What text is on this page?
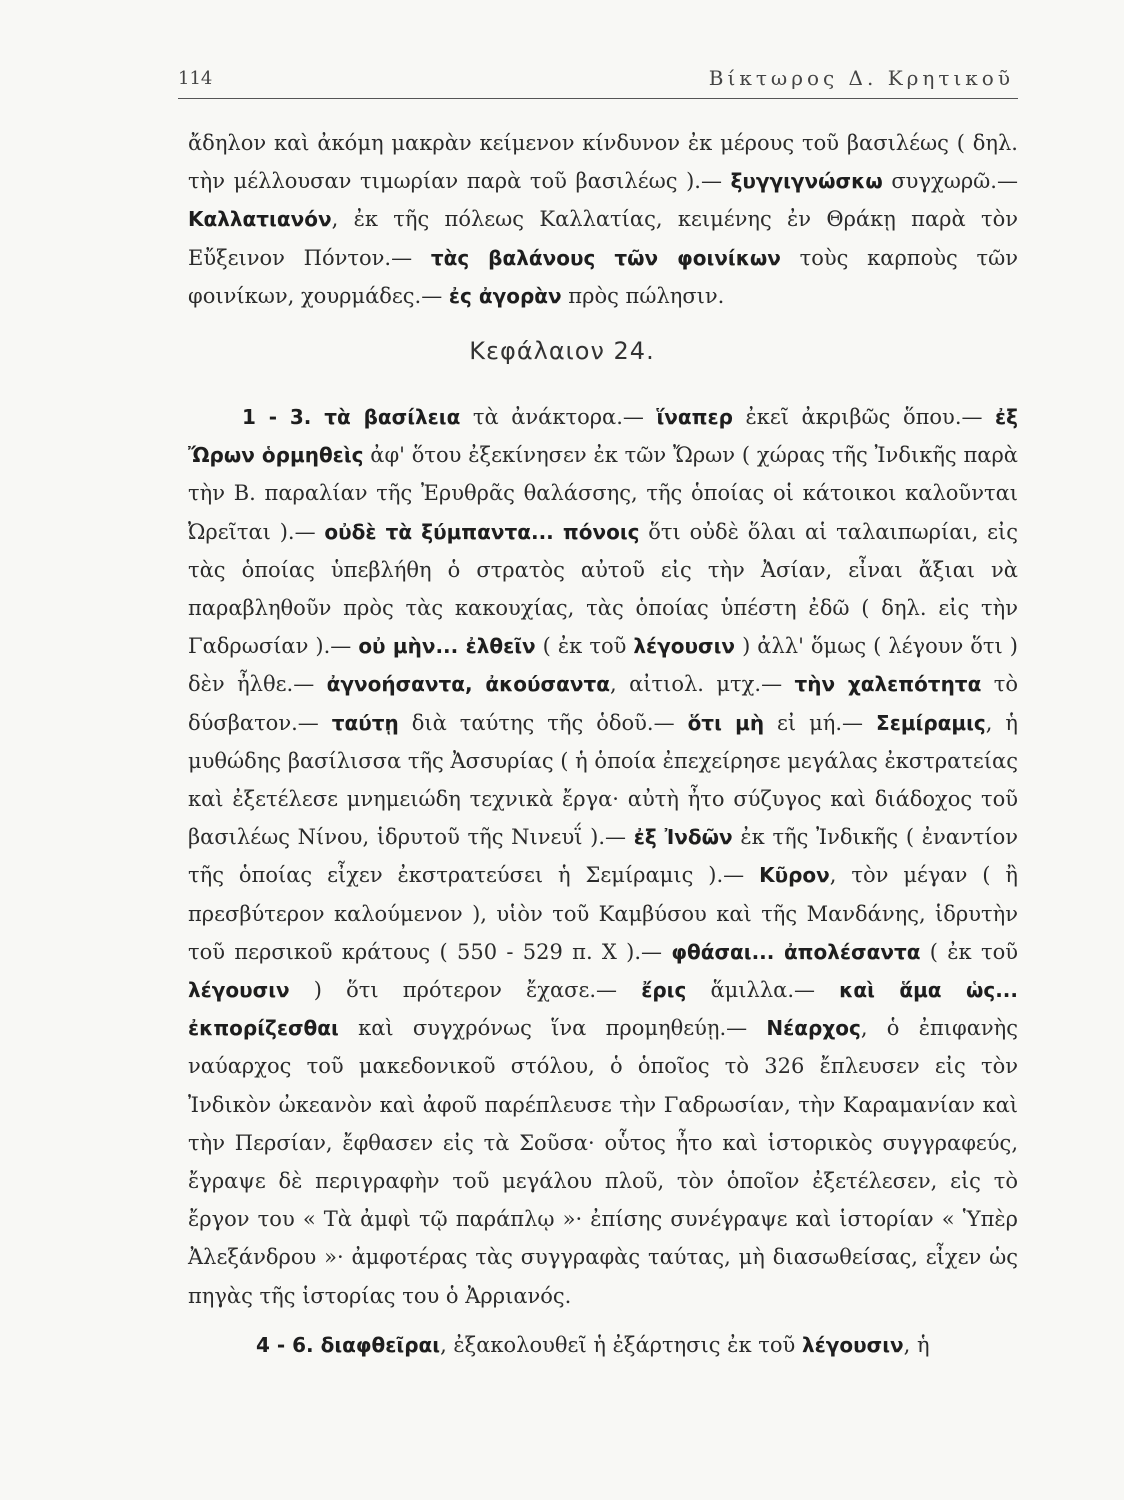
114	Βίκτωρος Δ. Κρητικοῦ

ἄδηλον καὶ ἀκόμη μακρὰν κείμενον κίνδυνον ἐκ μέρους τοῦ βασιλέως ( δηλ. τὴν μέλλουσαν τιμωρίαν παρὰ τοῦ βασιλέως ).— ξυγγιγνώσκω συγχωρῶ.— Καλλατιανόν, ἐκ τῆς πόλεως Καλλατίας, κειμένης ἐν Θράκῃ παρὰ τὸν Εὔξεινον Πόντον.— τὰς βαλάνους τῶν φοινίκων τοὺς καρποὺς τῶν φοινίκων, χουρμάδες.— ἐς ἀγορὰν πρὸς πώλησιν.

Κεφάλαιον 24.

1 - 3. τὰ βασίλεια τὰ ἀνάκτορα.— ἵναπερ ἐκεῖ ἀκριβῶς ὅπου.— ἐξ Ὤρων ὁρμηθεὶς ἀφ' ὅτου ἐξεκίνησεν ἐκ τῶν Ὤρων ( χώρας τῆς Ἰνδικῆς παρὰ τὴν Β. παραλίαν τῆς Ἐρυθρᾶς θαλάσσης, τῆς ὁποίας οἱ κάτοικοι καλοῦνται Ὠρεῖται ).— οὐδὲ τὰ ξύμπαντα... πόνοις ὅτι οὐδὲ ὅλαι αἱ ταλαιπωρίαι, εἰς τὰς ὁποίας ὑπεβλήθη ὁ στρατὸς αὐτοῦ εἰς τὴν Ἀσίαν, εἶναι ἄξιαι νὰ παραβληθοῦν πρὸς τὰς κακουχίας, τὰς ὁποίας ὑπέστη ἐδῶ ( δηλ. εἰς τὴν Γαδρωσίαν ).— οὐ μὴν... ἐλθεῖν ( ἐκ τοῦ λέγουσιν ) ἀλλ' ὅμως ( λέγουν ὅτι ) δὲν ἦλθε.— ἀγνοήσαντα, ἀκούσαντα, αἰτιολ. μτχ.— τὴν χαλεπότητα τὸ δύσβατον.— ταύτῃ διὰ ταύτης τῆς ὁδοῦ.— ὅτι μὴ εἰ μή.— Σεμίραμις, ἡ μυθώδης βασίλισσα τῆς Ἀσσυρίας ( ἡ ὁποία ἐπεχείρησε μεγάλας ἐκστρατείας καὶ ἐξετέλεσε μνημειώδη τεχνικὰ ἔργα· αὐτὴ ἦτο σύζυγος καὶ διάδοχος τοῦ βασιλέως Νίνου, ἱδρυτοῦ τῆς Νινευΐ ).— ἐξ Ἰνδῶν ἐκ τῆς Ἰνδικῆς ( ἐναντίον τῆς ὁποίας εἶχεν ἐκστρατεύσει ἡ Σεμίραμις ).— Κῦρον, τὸν μέγαν ( ἢ πρεσβύτερον καλούμενον ), υἱὸν τοῦ Καμβύσου καὶ τῆς Μανδάνης, ἱδρυτὴν τοῦ περσικοῦ κράτους ( 550 - 529 π. Χ ).— φθάσαι... ἀπολέσαντα ( ἐκ τοῦ λέγουσιν ) ὅτι πρότερον ἔχασε.— ἔρις ἅμιλλα.— καὶ ἅμα ὡς... ἐκπορίζεσθαι καὶ συγχρόνως ἵνα προμηθεύῃ.— Νέαρχος, ὁ ἐπιφανὴς ναύαρχος τοῦ μακεδονικοῦ στόλου, ὁ ὁποῖος τὸ 326 ἔπλευσεν εἰς τὸν Ἰνδικὸν ὠκεανὸν καὶ ἀφοῦ παρέπλευσε τὴν Γαδρωσίαν, τὴν Καραμανίαν καὶ τὴν Περσίαν, ἔφθασεν εἰς τὰ Σοῦσα· οὗτος ἦτο καὶ ἱστορικὸς συγγραφεύς, ἔγραψε δὲ περιγραφὴν τοῦ μεγάλου πλοῦ, τὸν ὁποῖον ἐξετέλεσεν, εἰς τὸ ἔργον του « Τὰ ἀμφὶ τῷ παράπλῳ »· ἐπίσης συνέγραψε καὶ ἱστορίαν « Ὑπὲρ Ἀλεξάνδρου »· ἀμφοτέρας τὰς συγγραφὰς ταύτας, μὴ διασωθείσας, εἶχεν ὡς πηγὰς τῆς ἱστορίας του ὁ Ἀρριανός.

4 - 6. διαφθεῖραι, ἐξακολουθεῖ ἡ ἐξάρτησις ἐκ τοῦ λέγουσιν, ἡ
